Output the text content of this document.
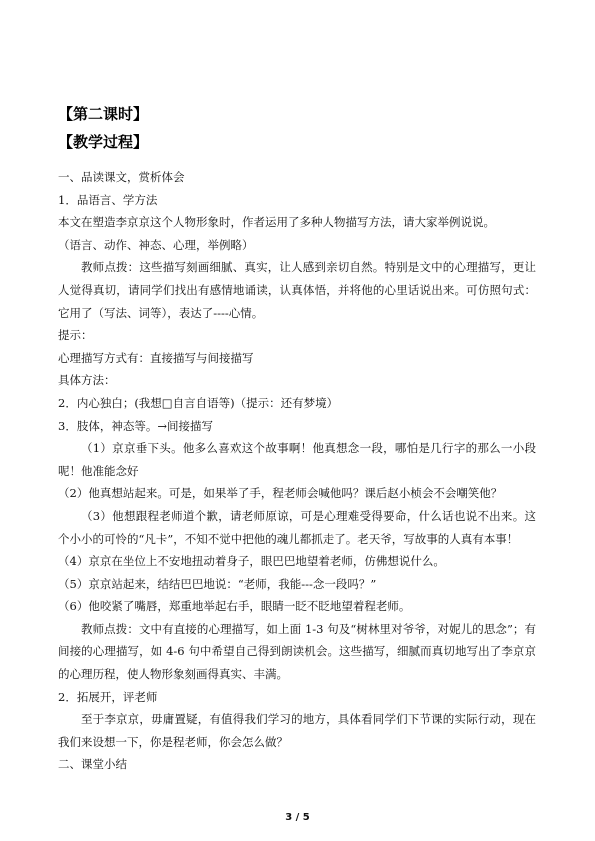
【第二课时】
【教学过程】

一、品读课文，赏析体会

1．品语言、学方法

本文在塑造李京京这个人物形象时，作者运用了多种人物描写方法，请大家举例说说。

（语言、动作、神态、心理，举例略）

教师点拨：这些描写刻画细腻、真实，让人感到亲切自然。特别是文中的心理描写，更让人觉得真切，请同学们找出有感情地诵读，认真体悟，并将他的心里话说出来。可仿照句式：它用了（写法、词等），表达了----心情。

提示：

心理描写方式有：直接描写与间接描写

具体方法：

2．内心独白；(我想□自言自语等)（提示：还有梦境）

3．肢体，神态等。→间接描写

（1）京京垂下头。他多么喜欢这个故事啊！他真想念一段，哪怕是几行字的那么一小段呢！他准能念好

（2）他真想站起来。可是，如果举了手，程老师会喊他吗？课后赵小桢会不会嘲笑他？

（3）他想跟程老师道个歉，请老师原谅，可是心理难受得要命，什么话也说不出来。这个小小的可怜的“凡卡”，不知不觉中把他的魂儿都抓走了。老天爷，写故事的人真有本事！

（4）京京在坐位上不安地扭动着身子，眼巴巴地望着老师，仿佛想说什么。

（5）京京站起来，结结巴巴地说：“老师，我能---念一段吗？”

（6）他咬紧了嘴唇，郑重地举起右手，眼睛一眨不眨地望着程老师。

教师点拨：文中有直接的心理描写，如上面 1-3 句及“树林里对爷爷，对妮儿的思念”；有间接的心理描写，如 4-6 句中希望自己得到朗读机会。这些描写，细腻而真切地写出了李京京的心理历程，使人物形象刻画得真实、丰满。

2．拓展开，评老师

至于李京京，毋庸置疑，有值得我们学习的地方，具体看同学们下节课的实际行动，现在我们来设想一下，你是程老师，你会怎么做？

二、课堂小结

3 / 5
